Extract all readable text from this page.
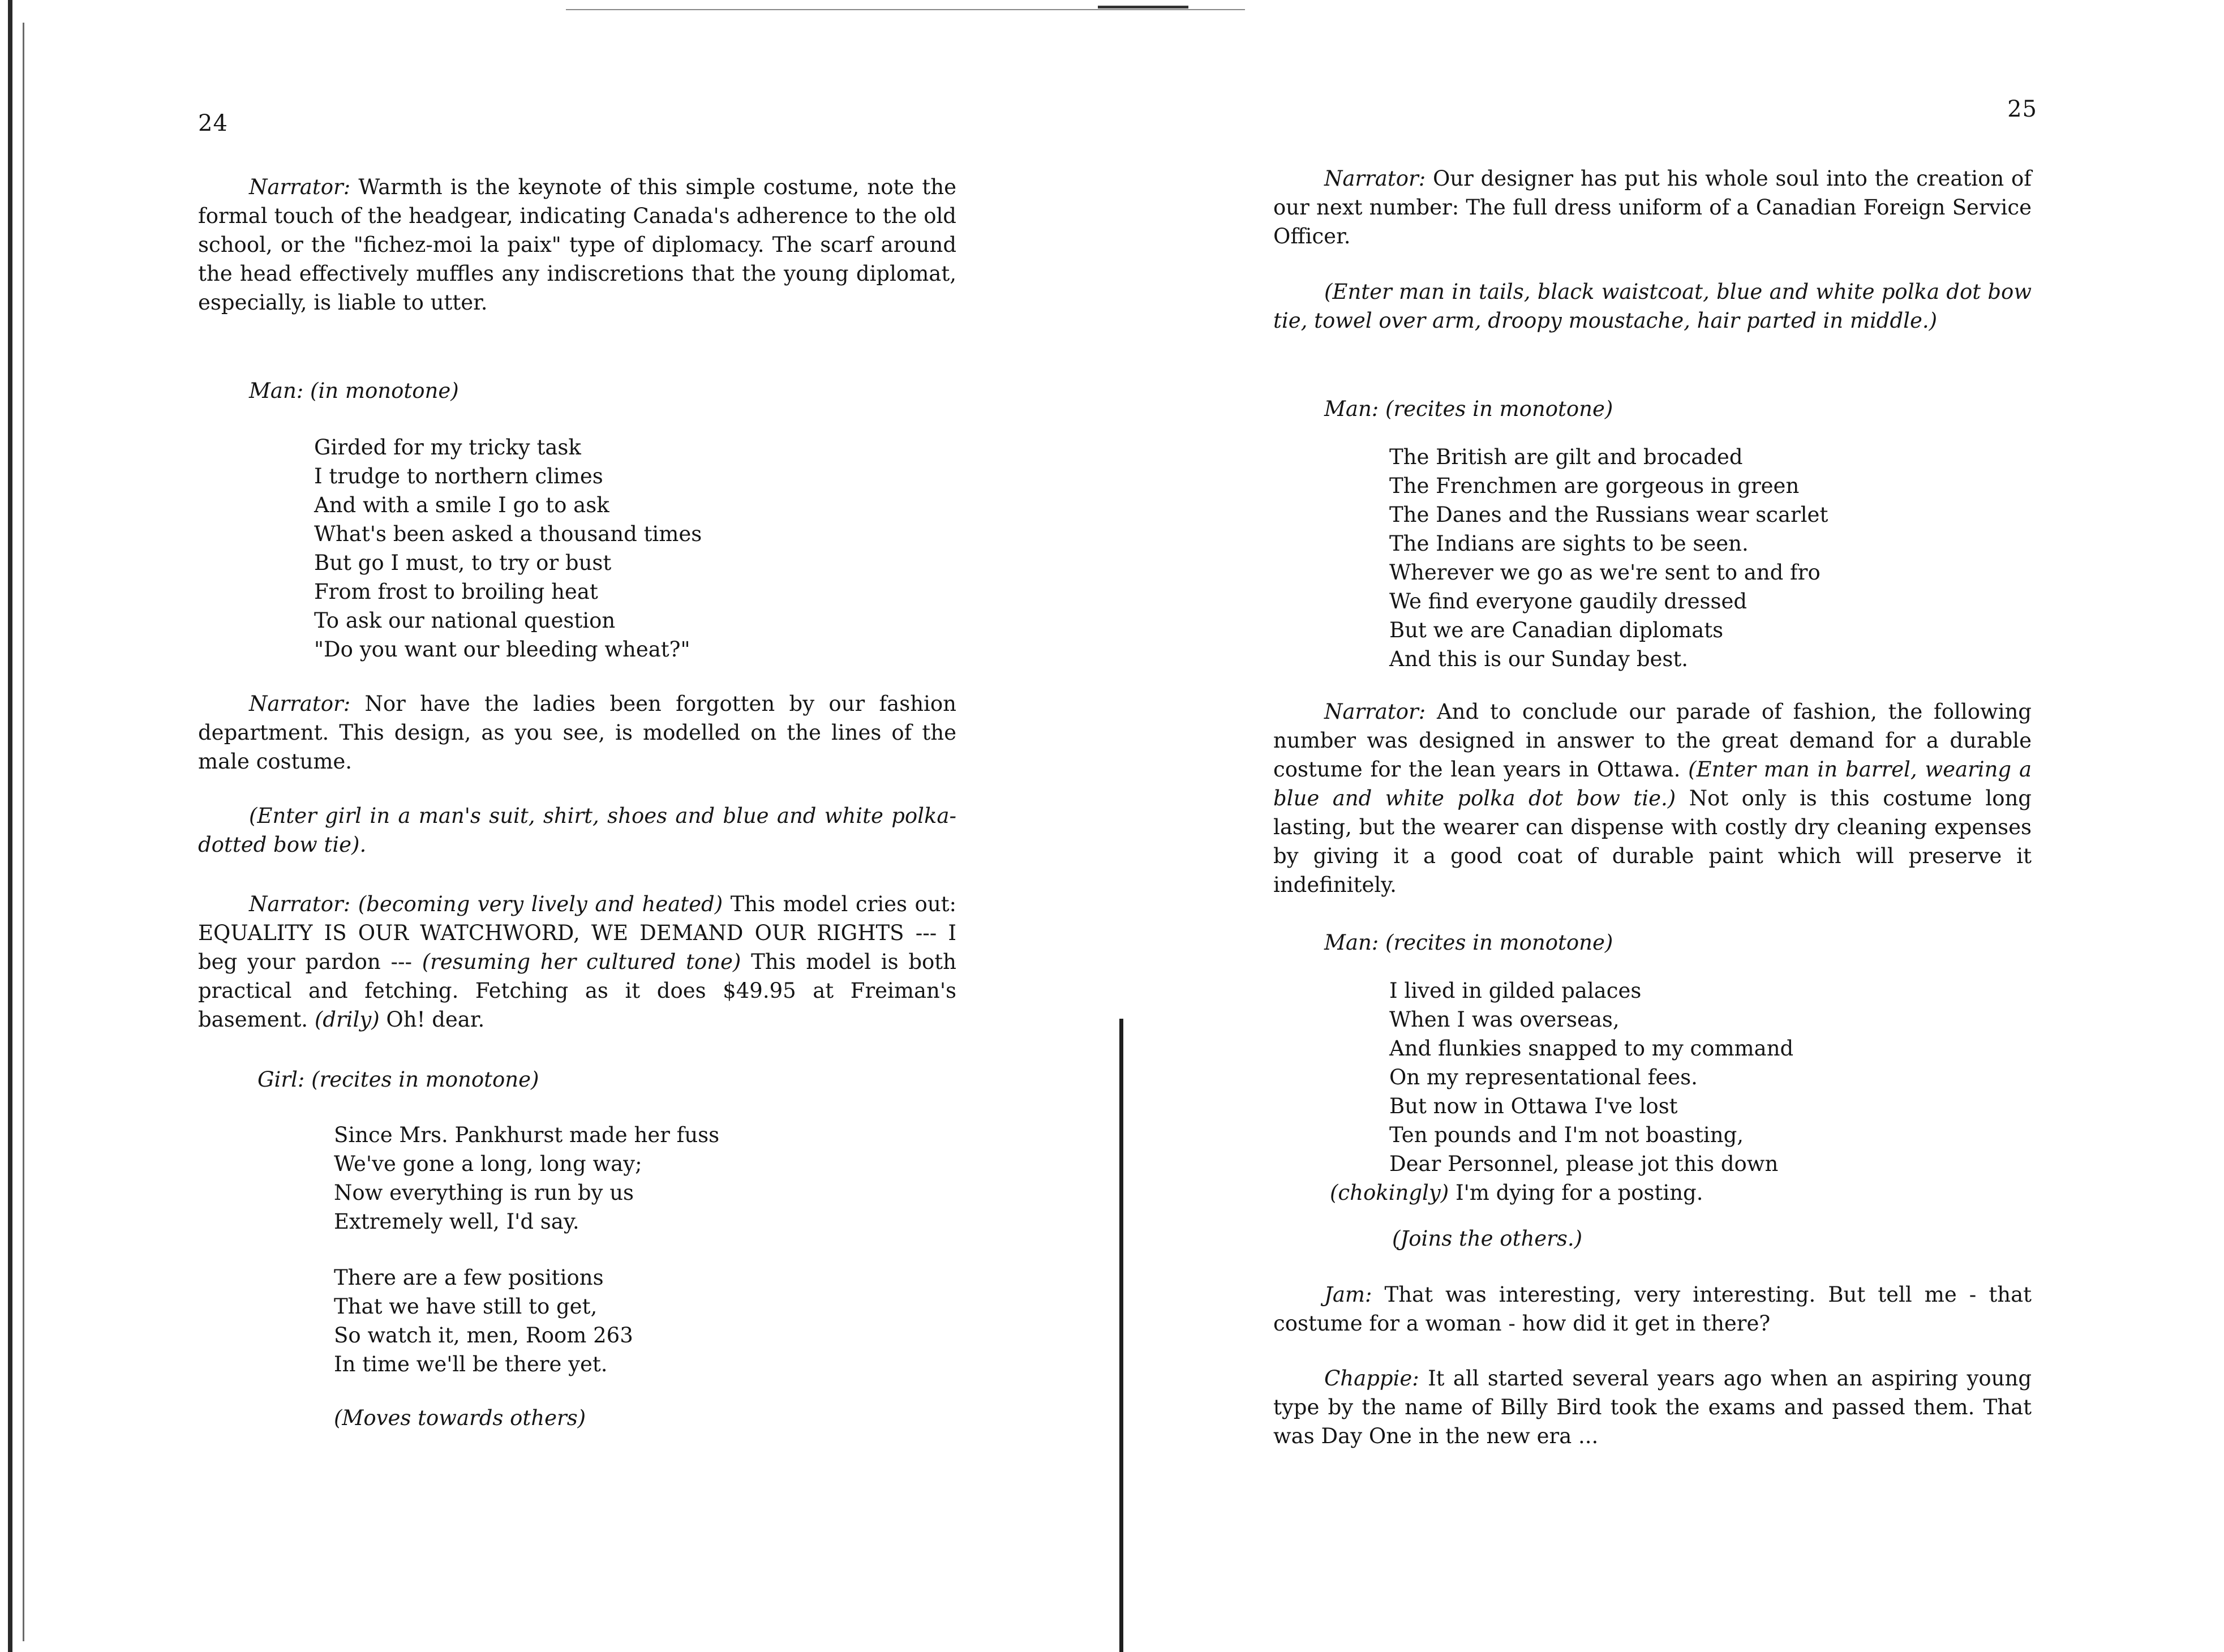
24

Narrator: Warmth is the keynote of this simple costume, note the formal touch of the headgear, indicating Canada's adherence to the old school, or the "fichez-moi la paix" type of diplomacy. The scarf around the head effectively muffles any indiscretions that the young diplomat, especially, is liable to utter.

Man: (in monotone)

Girded for my tricky task
I trudge to northern climes
And with a smile I go to ask
What's been asked a thousand times
But go I must, to try or bust
From frost to broiling heat
To ask our national question
"Do you want our bleeding wheat?"

Narrator: Nor have the ladies been forgotten by our fashion department. This design, as you see, is modelled on the lines of the male costume.

(Enter girl in a man's suit, shirt, shoes and blue and white polka-dotted bow tie).

Narrator: (becoming very lively and heated) This model cries out: EQUALITY IS OUR WATCHWORD, WE DEMAND OUR RIGHTS --- I beg your pardon --- (resuming her cultured tone) This model is both practical and fetching. Fetching as it does $49.95 at Freiman's basement. (drily) Oh! dear.

Girl: (recites in monotone)

Since Mrs. Pankhurst made her fuss
We've gone a long, long way;
Now everything is run by us
Extremely well, I'd say.
There are a few positions
That we have still to get,
So watch it, men, Room 263
In time we'll be there yet.

(Moves towards others)

25

Narrator: Our designer has put his whole soul into the creation of our next number: The full dress uniform of a Canadian Foreign Service Officer.

(Enter man in tails, black waistcoat, blue and white polka dot bow tie, towel over arm, droopy moustache, hair parted in middle.)

Man: (recites in monotone)

The British are gilt and brocaded
The Frenchmen are gorgeous in green
The Danes and the Russians wear scarlet
The Indians are sights to be seen.
Wherever we go as we're sent to and fro
We find everyone gaudily dressed
But we are Canadian diplomats
And this is our Sunday best.

Narrator: And to conclude our parade of fashion, the following number was designed in answer to the great demand for a durable costume for the lean years in Ottawa. (Enter man in barrel, wearing a blue and white polka dot bow tie.) Not only is this costume long lasting, but the wearer can dispense with costly dry cleaning expenses by giving it a good coat of durable paint which will preserve it indefinitely.

Man: (recites in monotone)

I lived in gilded palaces
When I was overseas,
And flunkies snapped to my command
On my representational fees.
But now in Ottawa I've lost
Ten pounds and I'm not boasting,
Dear Personnel, please jot this down
(chokingly) I'm dying for a posting.

(Joins the others.)

Jam: That was interesting, very interesting. But tell me - that costume for a woman - how did it get in there?

Chappie: It all started several years ago when an aspiring young type by the name of Billy Bird took the exams and passed them. That was Day One in the new era ...
